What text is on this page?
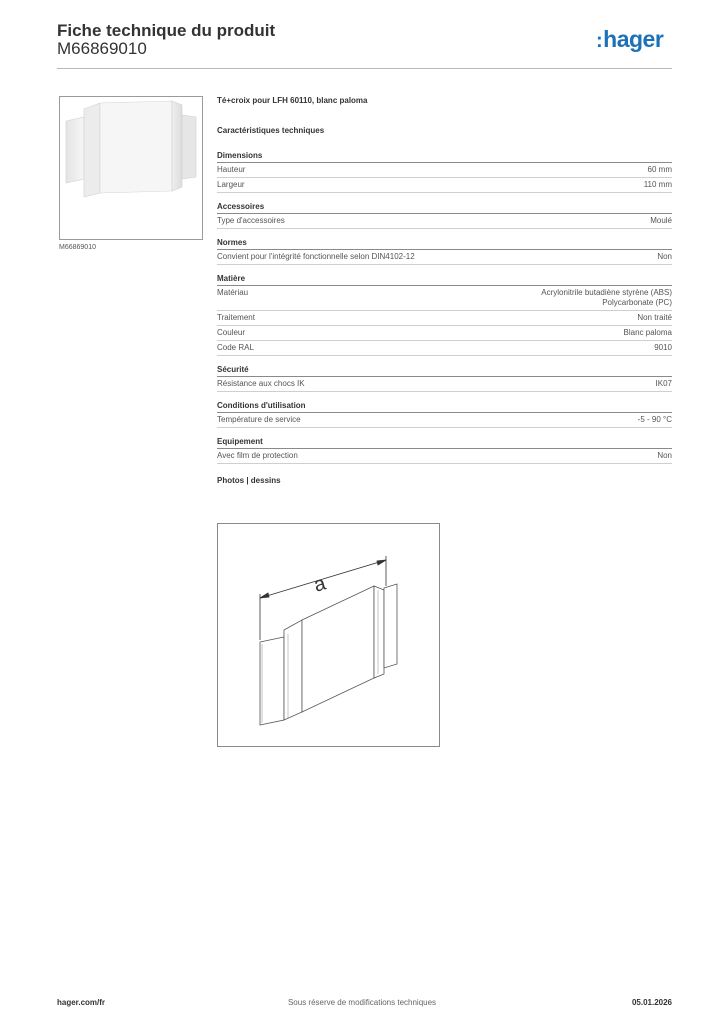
Fiche technique du produit
M66869010	:hager
M66869010
Té+croix pour LFH 60110, blanc paloma
Caractéristiques techniques
Dimensions
Hauteur	60 mm
Largeur	110 mm
Accessoires
Type d'accessoires	Moulé
Normes
Convient pour l'intégrité fonctionnelle selon DIN4102-12	Non
Matière
Matériau	Acrylonitrile butadiène styrène (ABS)
Polycarbonate (PC)
Traitement	Non traité
Couleur	Blanc paloma
Code RAL	9010
Sécurité
Résistance aux chocs IK	IK07
Conditions d'utilisation
Température de service	-5 - 90 °C
Equipement
Avec film de protection	Non
Photos | dessins
a
hager.com/fr	Sous réserve de modifications techniques	05.01.2026
